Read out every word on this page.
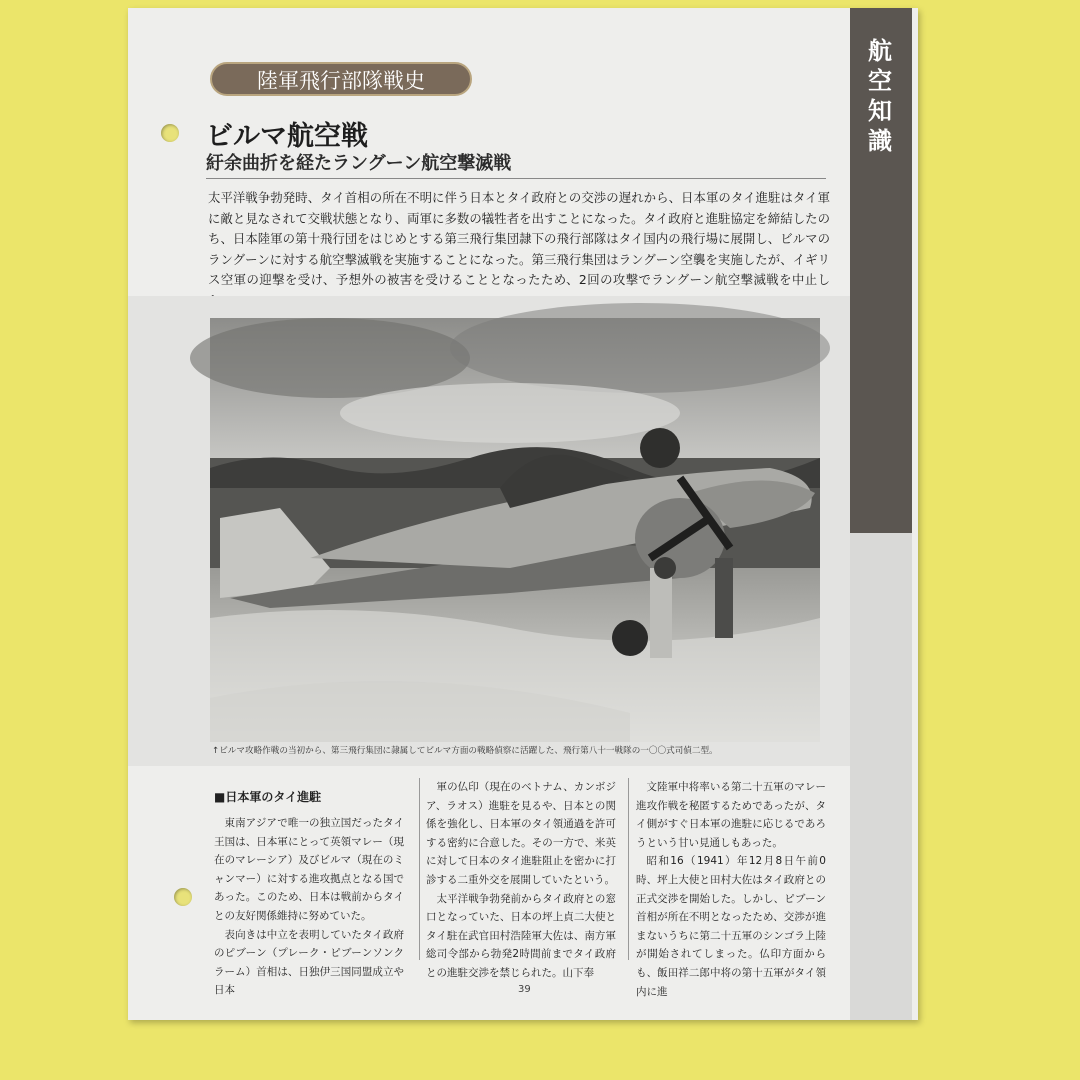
航空知識
陸軍飛行部隊戦史
ビルマ航空戦
紆余曲折を経たラングーン航空撃滅戦
太平洋戦争勃発時、タイ首相の所在不明に伴う日本とタイ政府との交渉の遅れから、日本軍のタイ進駐はタイ軍に敵と見なされて交戦状態となり、両軍に多数の犠牲者を出すことになった。タイ政府と進駐協定を締結したのち、日本陸軍の第十飛行団をはじめとする第三飛行集団隷下の飛行部隊はタイ国内の飛行場に展開し、ビルマのラングーンに対する航空撃滅戦を実施することになった。第三飛行集団はラングーン空襲を実施したが、イギリス空軍の迎撃を受け、予想外の被害を受けることとなったため、2回の攻撃でラングーン航空撃滅戦を中止し
↑ビルマ攻略作戦の当初から、第三飛行集団に隷属してビルマ方面の戦略偵察に活躍した、飛行第八十一戦隊の一〇〇式司偵二型。
■日本軍のタイ進駐

東南アジアで唯一の独立国だったタイ王国は、日本軍にとって英領マレー（現在のマレーシア）及びビルマ（現在のミャンマー）に対する進攻拠点となる国であった。このため、日本は戦前からタイとの友好関係維持に努めていた。

表向きは中立を表明していたタイ政府のピブーン（プレーク・ピブーンソンクラーム）首相は、日独伊三国同盟成立や日本

軍の仏印（現在のベトナム、カンボジア、ラオス）進駐を見るや、日本との関係を強化し、日本軍のタイ領通過を許可する密約に合意した。その一方で、米英に対して日本のタイ進駐阻止を密かに打診する二重外交を展開していたという。

太平洋戦争勃発前からタイ政府との窓口となっていた、日本の坪上貞二大使とタイ駐在武官田村浩陸軍大佐は、南方軍総司令部から勃発2時間前までタイ政府との進駐交渉を禁じられた。山下奉

文陸軍中将率いる第二十五軍のマレー進攻作戦を秘匿するためであったが、タイ側がすぐ日本軍の進駐に応じるであろうという甘い見通しもあった。

昭和16（1941）年12月8日午前0時、坪上大使と田村大佐はタイ政府との正式交渉を開始した。しかし、ピブーン首相が所在不明となったため、交渉が進まないうちに第二十五軍のシンゴラ上陸が開始されてしまった。仏印方面からも、飯田祥二郎中将の第十五軍がタイ領内に進

39
